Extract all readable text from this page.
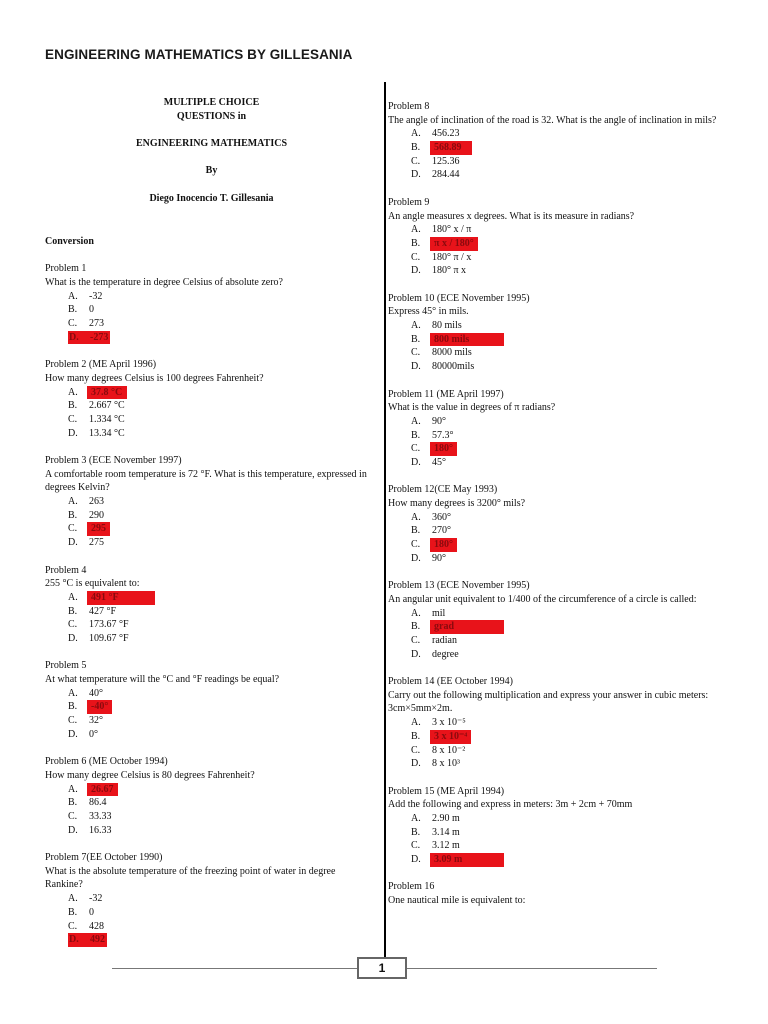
ENGINEERING MATHEMATICS BY GILLESANIA
MULTIPLE CHOICE
QUESTIONS in
ENGINEERING MATHEMATICS
By
Diego Inocencio T. Gillesania
Conversion
Problem 1
What is the temperature in degree Celsius of absolute zero?
A.	-32
B.	0
C.	273
D.	-273
Problem 2 (ME April 1996)
How many degrees Celsius is 100 degrees Fahrenheit?
A.	37.8 °C
B.	2.667 °C
C.	1.334 °C
D.	13.34 °C
Problem 3 (ECE November 1997)
A comfortable room temperature is 72 °F. What is this temperature, expressed in degrees Kelvin?
A.	263
B.	290
C.	295
D.	275
Problem 4
255 °C is equivalent to:
A.	491 °F
B.	427 °F
C.	173.67 °F
D.	109.67 °F
Problem 5
At what temperature will the °C and °F readings be equal?
A.	40°
B.	-40°
C.	32°
D.	0°
Problem 6 (ME October 1994)
How many degree Celsius is 80 degrees Fahrenheit?
A.	26.67
B.	86.4
C.	33.33
D.	16.33
Problem 7(EE October 1990)
What is the absolute temperature of the freezing point of water in degree Rankine?
A.	-32
B.	0
C.	428
D.	492
Problem 8
The angle of inclination of the road is 32. What is the angle of inclination in mils?
A.	456.23
B.	568.89
C.	125.36
D.	284.44
Problem 9
An angle measures x degrees. What is its measure in radians?
A.	180° x / π
B.	π x / 180°
C.	180° π / x
D.	180° π x
Problem 10 (ECE November 1995)
Express 45° in mils.
A.	80 mils
B.	800 mils
C.	8000 mils
D.	80000mils
Problem 11 (ME April 1997)
What is the value in degrees of π radians?
A.	90°
B.	57.3°
C.	180°
D.	45°
Problem 12(CE May 1993)
How many degrees is 3200° mils?
A.	360°
B.	270°
C.	180°
D.	90°
Problem 13 (ECE November 1995)
An angular unit equivalent to 1/400 of the circumference of a circle is called:
A.	mil
B.	grad
C.	radian
D.	degree
Problem 14 (EE October 1994)
Carry out the following multiplication and express your answer in cubic meters: 3cm×5mm×2m.
A.	3 x 10⁻⁵
B.	3 x 10⁻⁴
C.	8 x 10⁻²
D.	8 x 10³
Problem 15 (ME April 1994)
Add the following and express in meters: 3m + 2cm + 70mm
A.	2.90 m
B.	3.14 m
C.	3.12 m
D.	3.09 m
Problem 16
One nautical mile is equivalent to:
1
